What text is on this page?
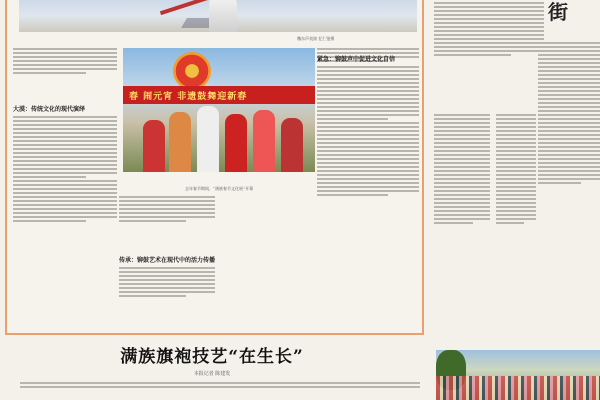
魏东声表演 忆仁鉴摄
大漠：传统文化的现代演绎
春 闹元宵 非遗鼓舞迎新春
去年春节期间，“满族春节文化展”开幕
传承：铆鼓艺术在现代中的活力传播
紧急：铆鼓声中促进文化自信
街
满族旗袍技艺“在生长”
本报记者 陈建发
